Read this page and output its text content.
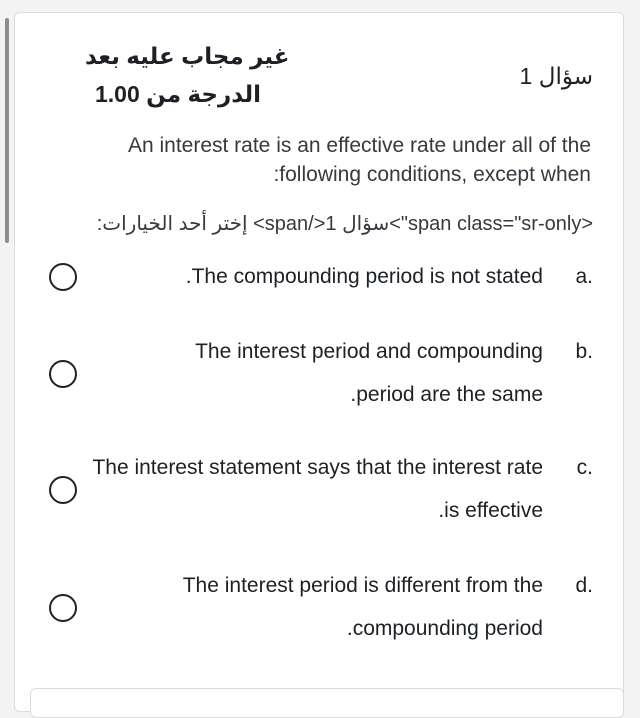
غير مجاب عليه بعد
الدرجة من 1.00
سؤال 1
An interest rate is an effective rate under all of the following conditions, except when:
<span class="sr-only">سؤال 1</span> إختر أحد الخيارات:
a.
The compounding period is not stated.
b.
The interest period and compounding period are the same.
c.
The interest statement says that the interest rate is effective.
d.
The interest period is different from the compounding period.
